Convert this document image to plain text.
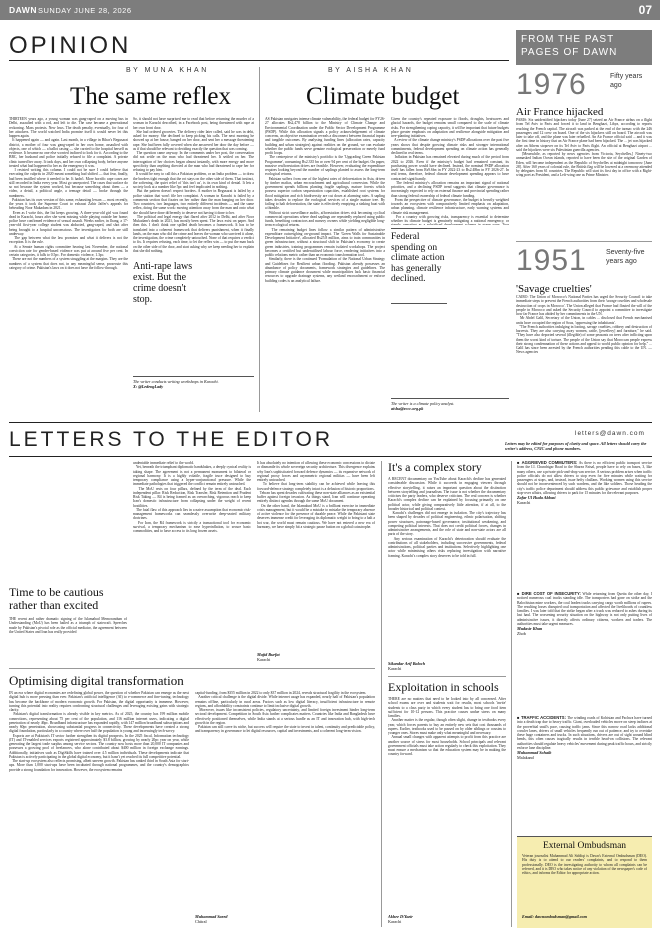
DAWN SUNDAY JUNE 28, 2026	07
OPINION
BY MUNA KHAN
The same reflex
THIRTEEN years ago, a young woman was gang-raped on a moving bus in Delhi, assaulted with a rod, and left to die. The case became a generational reckoning. Mass protests. New laws. The death penalty, eventually, for four of her attackers. The world watched India promise itself it would never let this happen again.
It happened again — and again. Last month, in a village in Bihar's Begusarai district, a mother of four was gang-raped in her own home, assaulted with objects, one of which — a ballot casing — she carried to the hospital herself as evidence. It became no one else worried inclined to look for it. According to the BBC, her husband and police initially refused to file a complaint. A private clinic turned her away. It took days, and her own collapsing body, before anyone treated what had happened to her as the emergency it was.
I resisted writing this column. I could not be sure I could believe that executing the culprits in 2020 meant something had shifted — that fear, finally, had been instilled where it needed to be. It hadn't. More horrific rape cases are still recorded in India every year. Most go unreported. The cases that surface do so not because the system worked, but because something about them — a video, a detail, a political angle, a teenage detail — broke through the numbness.
Pakistan has its own version of this same, exhausting lesson — most recently, the years it took the Supreme Court to exhaust Zahir Jaffer's appeals for beheading Noor Mukadam in 2021.
Even as I write this, the list keeps growing. A three-year-old girl was found dead in Karachi, hours after she went missing while playing outside her home; police have confirmed evidence of sexual assault. Weeks earlier, in Jhang, a 17-year-old first-year college student was abducted, gang-raped, and shot after being brought to a hospital unconscious. The investigators for both are still underway.
The gap between what the law promises and what it delivers is not the exception. It is the rule.
At a Senate human rights committee hearing last November, the national conviction rate for gender-based violence was put at around five per cent. In certain categories, it falls to 0.5pc. For domestic violence, 1.3pc.
These are not the numbers of a system struggling at the margins. They are the numbers of a system that does not, in any meaningful sense, prosecute this category of crime. Pakistan's laws on it does not have the follow-through.
So, it should not have surprised me to read that before returning the murder of a woman in Karachi described, in a Facebook post, being threatened with rape at her own front door.
She had ordered groceries. The delivery rider later called, said he was in debt, asked for money. She declined to keep picking his calls. The next morning he showed up at her house, banged on her door, and sent her a message threatening rape. She had been fully covered when she answered her door the day before — as if that should be relevant to deciding exactly the question that was coming.
The question came anyway. In the comments under her post, the conversation did not settle on the man who had threatened her. It settled on her. The interrogation of her choices began almost instantly, with more energy and more specificity than anything directed at the man who had threatened to rape her for refusing to pay him.
It would be easy to call this a Pakistan problem, or an India problem — to draw the borders tight enough that the rot stays on the other side of them. That instinct, the softening, the quiet relief of 'this isn't us', is its own kind of denial. It lets a society look at a number like 5pc and feel implicated in nothing.
But the pattern doesn't respect borders. A mother in Begusarai is failed by a police station that won't file her complaint. A woman in Karachi is failed by a comments section that fixates on her rather than the man banging on her door. Two countries, two languages, two entirely different incidents — and the same reflex, doing the same work: moving attention away from the man and onto what she should have done differently to deserve not having it done to her.
The political and legal energy that flared after 2012 in Delhi, and after Noor Mukadam's death in 2021, has mostly been spent. The laws exist on paper. And then this. I don't think one spilled death becomes a framework. It has to be translated into a coherent framework that delivers punishment, when it finally lands, on the man who did the crime and leaves the woman who survived it alone, the investigation, the crime completely untouched. None of that requires a verdict to fix. It requires refusing, each time, to let the reflex win — to put the man back on the other side of the door, and start asking why we keep needing her to explain that she did nothing.
Anti-rape laws exist. But the crime doesn't stop.
The writer conducts writing workshops in Karachi.
X: @LedengLady
BY AISHA KHAN
Climate budget
AS Pakistan navigates intense climate vulnerability, the federal budget for FY26-27 allocates Rs2,478 billion to the Ministry of Climate Change and Environmental Coordination under the Public Sector Development Programme (PSDP). While this allocation signals a policy acknowledgement of climate concerns, an objective examination reveals a disconnect between financial inputs and tangible outcomes. By analysing funding lines (allocation rates, capacity building and urban strategies) against realities on the ground, we can evaluate whether the public funds serve genuine ecological preservation or merely fund profit loops.
The centrepiece of the ministry's portfolio is the 'Upgrading Green Pakistan Programme', consuming Rs2.335 bn or over 94 per cent of the budget. On paper, massive reafforestation drives are feasible. However, evaluating the expenditure requires looking beyond the number of saplings planted to assess the long-term ecological returns.
Pakistan suffers from one of the highest rates of deforestation in Asia, driven by timber mafias, urban encroachment and agricultural conversion. While the government spends billions planting fragile saplings, mature forests which possess superior carbon sequestration capacities, established root systems for flood mitigation and rich biodiversity are cut down at alarming rates. A sapling takes decades to replace the ecological services of a single mature tree. By failing to halt deforestation, the state is effectively emptying a sinking boat with a thimble.
Without strict surveillance audits, afforestation drives risk becoming cyclical commercial operations where dead saplings are repeatedly replaced using public funds, benefiting contractors and nursery owners while yielding negligible long-term ecological returns.
The remaining budget lines follow a similar pattern of administrative expenditure outweighing on-ground impact. The 'Green Walls for Sustainable Development Initiative', allocated Rs25.8 million, aims to train communities in green infrastructure, without a structural shift in Pakistan's economy to create green industries, training programmes remain isolated workshops. The project becomes a certified but underutilised labour force, rendering initiatives into a public relations metric rather than an economic transformation tool.
Similarly, there is the continued 'Formulation of the National Urban Strategy and Guidelines for Resilient urban flooding. Pakistan already possesses an abundance of policy documents, framework strategies and guidelines. The primary climate guidance document while municipalities lack basic financial resources to upgrade drainage systems, any wetland encroachment or enforce building codes is an analytical failure.
Given the country's repeated exposure to floods, droughts, heatwaves and glacial hazards, the budget remains small compared to the scale of climate risks. For strengthening coping capacity, it will be important that future budgets place greater emphasis on adaptation and resilience alongside mitigation and tree-planting initiatives.
A review of the climate change ministry's PSDP allocations over the past five years shows that despite growing climate risks and stronger international commitments, federal development spending on climate action has generally declined in real terms.
Inflation in Pakistan has remained elevated during much of the period from 2022 to 2026. Even if the ministry's budget had remained constant, its purchasing power would have declined. Instead, the nominal PSDP allocation itself has fallen from Rs9.6bn in FY 2022-23 to Rs2.48bn in FY 2026-27. In real terms, therefore, federal climate development spending appears to have contracted significantly.
The federal ministry's allocation remains an important signal of national priorities, and a declining PSDP trend suggests that climate governance is increasingly expected to rely on external finance and provincial spending rather than strong federal ownership of federal climate funding.
From the perspective of climate governance, the budget is heavily weighted towards an ecosystem with comparatively limited emphasis on adaptation, urban planning, climate resilience infrastructure, early warning systems and climate risk management.
For a country with growing risks, transparency is essential to determine whether its climate budget is genuinely mitigating a national emergency, or
Federal spending on climate action has generally declined.
The writer is a climate policy analyst.
aisha@eccc.org.pk
FROM THE PAST PAGES OF DAWN
1976	Fifty years ago
Air France hijacked
PARIS: Six unidentified hijackers today [June 27] seized an Air France airbus on a flight from Tel Aviv to Paris and forced it to land in Benghazi, Libya, according to reports reaching the French capital. The aircraft was parked at the end of the tarmac with the 246 passengers and 12 crew on board. One of the six hijackers still on board. The aircraft was later to take off, and the plane was later refuelled. An Air France official said ... and it was the first time in history that an Air France plane had been hijacked. The ... jet was hijacked after an Athens stopover on its Tel Aviv to Paris flight. An official at Benghazi airport ... said the hijackers were six Palestinian guerrilla agencies.
[Meanwhile, as reported by news agencies from Victoria, Seychelles,] Ninety-two unmasked Indian Ocean islands, reported to have been the site of the original Garden of Eden, will become independent as the Republic of Seychelles at midnight tomorrow [June 28]. After 160 years of colonial rule, the British flag will be lowered at a ceremony attended by delegates from 61 countries. The Republic will start its first day in office with a Right-wing poet as President, and a Left-wing one as Prime Minister.
1951	Seventy-five years ago
'Savage cruelties'
CAIRO: The Union of Morocco's National Parties has urged the Security Council to take immediate steps to prevent the French authorities from their 'savage cruelties and wholesale destruction of crops in Morocco'. The Union alleged that France had flouted the will of the people in Morocco and asked the Security Council to appoint a committee to investigate how far France has abided by her commitments in the UN.
Mr Abdel Galil, Secretary of the Union, in cables ... disclosed that French mechanised units have occupied the region of Sous, 'oppressing the inhabitants'.
"The French authorities indulging in looting, savage cruelties, robbery and destruction of harvests. They are also carrying away women, cattle, [jewellery] and furniture," he said. "They have also deported several (illegible) of some peasants on trees after inflicting upon them the worst kind of torture. The people of the Union say that Moroccan people express their strong condemnation of these actions and appeal to world public opinion for help." ... Galil has since been arrested by the French authorities pending this cable to the UN. — News agencies
LETTERS TO THE EDITOR	letters@dawn.com
Letters may be edited for purposes of clarity and space. All letters should carry the writer's address, CNIC and phone numbers.
Time to be cautious rather than excited
THE recent and rather dramatic signing of the Islamabad Memorandum of Understanding (MoU) has been hailed as a triumph of statecraft. Speeches made by Pakistan's pivotal role as the official mediator, the agreement between the United States and Iran has really provided
undeniable immediate relief to the world.
Yet, beneath the triumphant diplomatic handshakes, a deeply cynical reality is taking shape. The agreement is not a permanent monument to bilateral or regional harmony. It is a highly volatile, fragile truce designed to buy temporary compliance using a hyper-conjunctional pressure. While the immediate pathologies that triggered the conflict remain entirely untouched.
The MoU rests on four pillars, defined by the term of the deal. Each independent pillar: Risk Reduction, Risk Transfer, Risk Retention and Prudent Risk Taking — R4 is being framed as an overarching, vigorous reach to keep Iran's domestic infrastructure from collapsing under the weight of recent hostilities.
The fatal flaw of this approach lies in a naive assumption that economic risk-management frameworks can seamlessly overwrite deep-seated military doctrines.
For Iran, the R4 framework is strictly a transactional tool for economic survival, a temporary mechanism to ease hyperinflation, to secure basic commodities, and to have access to its long frozen assets.
It has absolutely no intention of allowing these economic concessions to dictate or dismantle its whole sovereign security architecture. This divergence explains why Iran's sophisticated forward defence dynamics — its expansive network of regional proxy forces and asymmetric regional militias — have been left entirely untouched.
To believe that long-term stability can be achieved while leaving this forward-defence strategy completely intact is a delusion of historic proportions.
Tehran has spent decades cultivating these non-state alliances as an existential buffer against foreign invasion. As things stand, Iran will continue operating entirely distinct agendas through the same MoU document.
On the other hand, the Islamabad MoU is a brilliant exercise in immediate crisis management, but it would be a mistake to mistake the temporary absence of active violence for the presence of durable peace. While the Pakistani state deserves immense credit for leveraging its diplomatic weight to bring to a halt a hot war, the world must remain cautious. We have not entered a new era of harmony, we have simply hit a strategic pause button on a global catastrophe.
Majid Burfat
Karachi
Optimising digital transformation
IN an era where digital economies are redefining global power, the question of whether Pakistan can emerge as the next digital hub is more pressing than ever. Pakistan's artificial intelligence (AI) to e-commerce and fine-tuning, technology has become the backbone of modern economic growth. For Pakistan, the digital opportunity is immense. However, turning this potential into reality requires confronting structural challenges and leveraging existing gains with strategic clarity.
Pakistan's digital transformation is already visible in key metrics. As of 2025, the country has 199 million mobile connections, representing about 75 per cent of the population, and 116 million internet users, indicating a digital penetration of nearly 46pc. Broadband infrastructure has expanded rapidly, with 147 million broadband subscriptions and nearly 60pc penetration, showcasing substantial progress in connectivity. These developments have created a strong digital foundation, particularly in a country where over half the population is young and increasingly tech-savvy.
Exports are at Pakistan's IT sector further strengthen its digital prospects. In the 2025 fiscal, Information technology (IT) and IT-enabled services exports registered approximately $3.8 billion, growing by nearly 20pc year on year, while generating the largest trade surplus among service sectors. The country now hosts more than 20,000 IT companies and possesses a growing pool of freelancers, who alone contributed about $400 million in foreign exchange earnings. Additionally, initiatives such as DigiSkills have trained over 4.5 million individuals. These developments indicate that Pakistan is actively participating in the global digital economy, but it hasn't yet reached its full competitive potential.
The start-up ecosystem also reflects promising, albeit uneven growth. Pakistan has ranked third in South Asia for start-ups. More than 1,000 start-ups have been incubated through national programmes, and the country's demographics provide a strong foundation for innovation. However, the ecosystem remains
capital-funding, from $355 million in 2022 to only $37 million in 2024, reveals structural fragility in the ecosystem.
Another critical challenge is the digital divide. While internet usage has expanded, nearly half of Pakistan's population remains offline, particularly in rural areas. Factors such as low digital literacy, insufficient infrastructure in remote regions, and affordability constraints continue to limit inclusive digital growth.
Moreover, issues like inconsistent policies, regulatory uncertainty, and limited foreign investment hinder long-term sectoral development. Competition in South Asia further complicates matters. Countries like India and Bangladesh have effectively positioned themselves, while India stands at a serious hurdle as an IT and innovation hub, with high-tech growth in the region.
Pakistan can still carve its niche, but success will require the state to invest in talent, continuity and predictable policy, and transparency in governance to let digital resources, capital and investments, and a coherent long-term vision.
Muhammad Saeed
Chitral
It's a complex story
A RECENT documentary on YouTube about Karachi's decline has generated considerable discussion. While it succeeds in engaging viewers through effective storytelling, it raises an important question about the distinction between storytelling and journalism. The issue is not whether the documentary criticises the party leaders, who deserve criticism. The real concern is whether Karachi's complex decline can be explained by focusing primarily on one political actor, while giving comparatively little attention, if at all, to the broader historical and political context.
Karachi's challenges did not emerge in isolation. The city's trajectory has been shaped by decades of political engineering, ethnic polarisation, shifting power structures, patronage-based governance, institutional weakening, and competing political interests. That does not credit political forces, changes in administrative arrangements, and the role of state and non-state actors are all parts of the story.
Any serious examination of Karachi's deterioration should evaluate the contributions of all stakeholders, including successive governments, federal administrations, political parties and institutions. Selectively highlighting one actor while minimising others risks replacing investigation with narrative framing. Karachi's complex story deserves to be told in full.
Sikandar Arif Baloch
Karachi
Exploitation in schools
THERE are no matters that need to be looked into by all concerned. After school exams are over and students wait for results, most schools 'invite' students to a class party in which every student has to bring one food item sufficient for 10-12 persons. This practice causes undue stress on many families.
Another matter is the regular, though often slight, change in textbooks every year, which forces parents to buy an entirely new sets that cost thousands of rupees. Earlier, textbooks used to be passed on by older siblings or cousins to younger ones. Stores must make only what meaningful and necessary.
Annual small changes with apparent attempts to profit from this practice are another source of stress for most households. School principals and relevant government officials must take action regularly to check this exploitation. They must ensure a mechanism so that the education system may be in making the country forward.
Akhee D/Yazir
Karachi
■ AGGRIEVED COMMUTERS: As there is no efficient public transport service from the I.I. Chundrigar Road to the Sharea Faisal, people have to rely on buses, 3, like many others, use a private pick-and-drop van service. A serious problem arises when traffic police officials do not allow drivers to stop even for five minutes while waiting for passengers at stops, and, instead, issue hefty challans. Working women using this service should not be inconvenienced by such wardens, and the like soldiers. Those heading the city's traffic police department should address this public grievance and establish proper stop-over affairs, allowing drivers to park for 15 minutes for the relevant purposes.
Zafar Ul Huda Abbasi
Karachi
■ DIRE COST OF INSECURITY: While returning from Quetta the other day, I noticed numerous coal trucks standing idle. The transporters had gone on strike and the Balochistan mine workers, the coal leaden trucks carrying cargo worth millions of rupees. The resulting losses disrupted coal transportation and affected the livelihoods of countless families. I was later told that the strike began after a truck was reduced to ashes during its last haul. The worsening security situation on the highway is not only putting lives of administrative issues, it directly affects ordinary citizens, workers and traders. The authorities must take urgent measures.
Mudasir Khan
Zhob
■ TRAFFIC ACCIDENTS: The winding roads of Kohistan and Pachwa have turned into a death trap due to heavy traffic. Giant, overloaded vehicles move on steep inclines at the proverbial snail's pace, causing traffic jams. Since this narrow road lacks additional crawler lanes, drivers of small vehicles frequently run out of patience, and try to overtake these huge containers and trucks. In such situations, drivers are out of sight around blind bends, this often causes tragically results in terrible head-on collisions. The relevant authorities should regulate heavy vehicles' movement during peak traffic hours, and strictly enforce lane discipline.
Muhammad Sohaib
Malakand
External Ombudsman
Veteran journalist Muhammad Ali Siddiqi is Dawn's External Ombudsman (DEO). His duty is to attend to our readers' complaints, and to respond to them professionally. DEO is the investigating authority to whom all complaints can be referred, and it is DEO who takes notice of any violation of the newspaper's code of ethics, and informs the Editor for appropriate action.
Email: dawnombudsman@gmail.com
